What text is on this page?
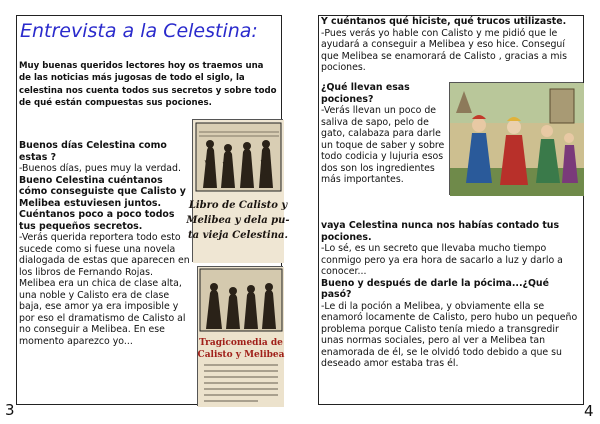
Entrevista a la Celestina:
Muy buenas queridos lectores hoy os traemos una de las noticias más jugosas de todo el siglo, la celestina nos cuenta todos sus secretos y sobre todo de qué están compuestas sus pociones.

Buenos días Celestina como estas ?

-Buenos días, pues muy la verdad.

Bueno Celestina cuéntanos cómo conseguiste que Calisto y Melibea estuviesen juntos. Cuéntanos poco a poco todos tus pequeños secretos.

-Verás querida reportera todo esto sucede como si fuese una novela dialogada de estas que aparecen en los libros de Fernando Rojas. Melibea era un chica de clase alta, una noble y Calisto era de clase baja, ese amor ya era imposible y por eso el dramatismo de Calisto al no conseguir a Melibea. En ese momento aparezco yo...

Libro de Calisto y
Melibea y dela pu-
ta vieja Celestina.
Tragicomedia de
Calisto y Melibea

Y cuéntanos qué hiciste, qué trucos utilizaste.

-Pues verás yo hable con Calisto y me pidió que le ayudará a conseguir a Melibea y eso hice. Conseguí que Melibea se enamorará de Calisto , gracias a mis pociones.

¿Qué llevan esas pociones?

-Verás llevan un poco de saliva de sapo, pelo de gato, calabaza para darle un toque de saber y sobre todo codicia y lujuria esos dos son los ingredientes más importantes.

vaya Celestina nunca nos habías contado tus pociones.

-Lo sé, es un secreto que llevaba mucho tiempo conmigo pero ya era hora de sacarlo a luz y darlo a conocer...

Bueno y después de darle la pócima...¿Qué pasó?

-Le di la poción a Melibea, y obviamente ella se enamoró locamente de Calisto, pero hubo un pequeño problema porque Calisto tenía miedo a transgredir unas normas sociales, pero al ver a Melibea tan enamorada de él, se le olvidó todo debido a que su deseado amor estaba tras él.

3	4
